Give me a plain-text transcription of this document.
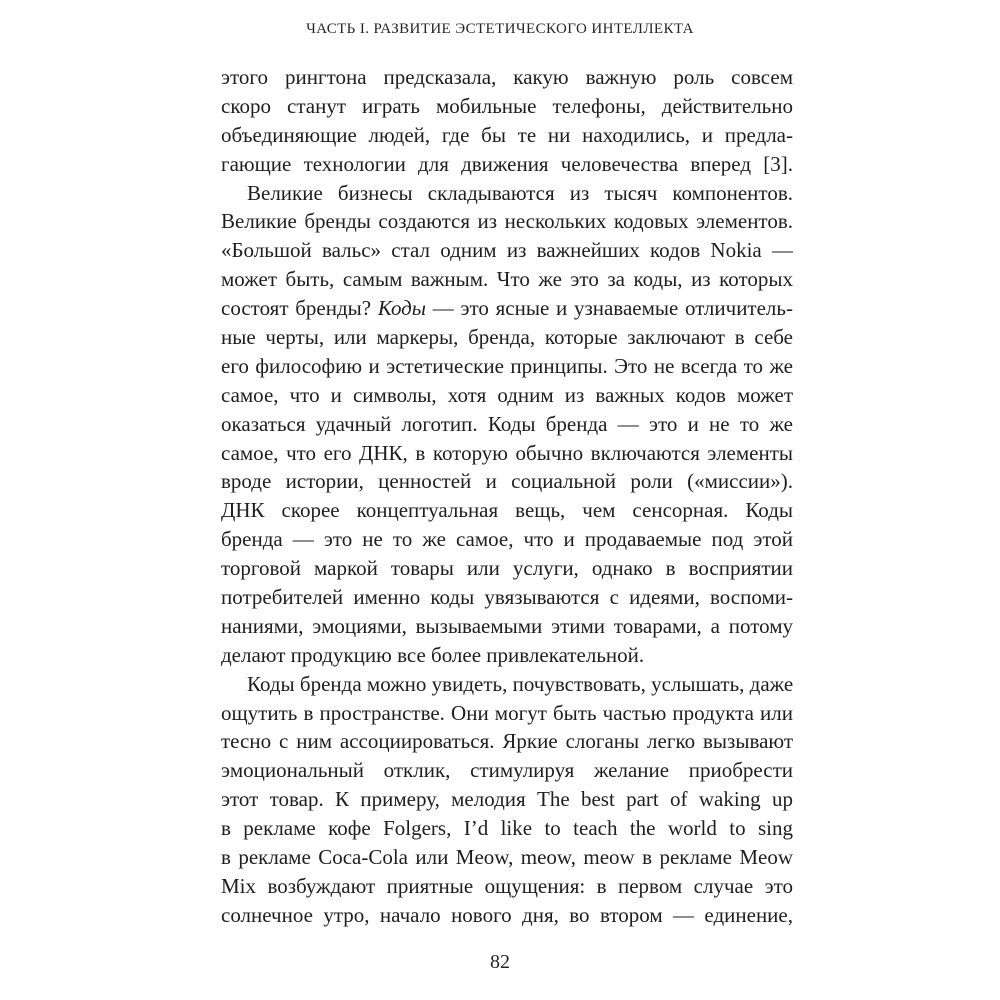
ЧАСТЬ I. РАЗВИТИЕ ЭСТЕТИЧЕСКОГО ИНТЕЛЛЕКТА
этого рингтона предсказала, какую важную роль совсем
скоро станут играть мобильные телефоны, действительно
объединяющие людей, где бы те ни находились, и предла-
гающие технологии для движения человечества вперед [3].
Великие бизнесы складываются из тысяч компонентов.
Великие бренды создаются из нескольких кодовых элементов.
«Большой вальс» стал одним из важнейших кодов Nokia —
может быть, самым важным. Что же это за коды, из которых
состоят бренды? Коды — это ясные и узнаваемые отличитель-
ные черты, или маркеры, бренда, которые заключают в себе
его философию и эстетические принципы. Это не всегда то же
самое, что и символы, хотя одним из важных кодов может
оказаться удачный логотип. Коды бренда — это и не то же
самое, что его ДНК, в которую обычно включаются элементы
вроде истории, ценностей и социальной роли («миссии»).
ДНК скорее концептуальная вещь, чем сенсорная. Коды
бренда — это не то же самое, что и продаваемые под этой
торговой маркой товары или услуги, однако в восприятии
потребителей именно коды увязываются с идеями, воспоми-
наниями, эмоциями, вызываемыми этими товарами, а потому
делают продукцию все более привлекательной.
Коды бренда можно увидеть, почувствовать, услышать, даже
ощутить в пространстве. Они могут быть частью продукта или
тесно с ним ассоциироваться. Яркие слоганы легко вызывают
эмоциональный отклик, стимулируя желание приобрести
этот товар. К примеру, мелодия The best part of waking up
в рекламе кофе Folgers, I’d like to teach the world to sing
в рекламе Coca-Cola или Meow, meow, meow в рекламе Meow
Mix возбуждают приятные ощущения: в первом случае это
солнечное утро, начало нового дня, во втором — единение,
82
